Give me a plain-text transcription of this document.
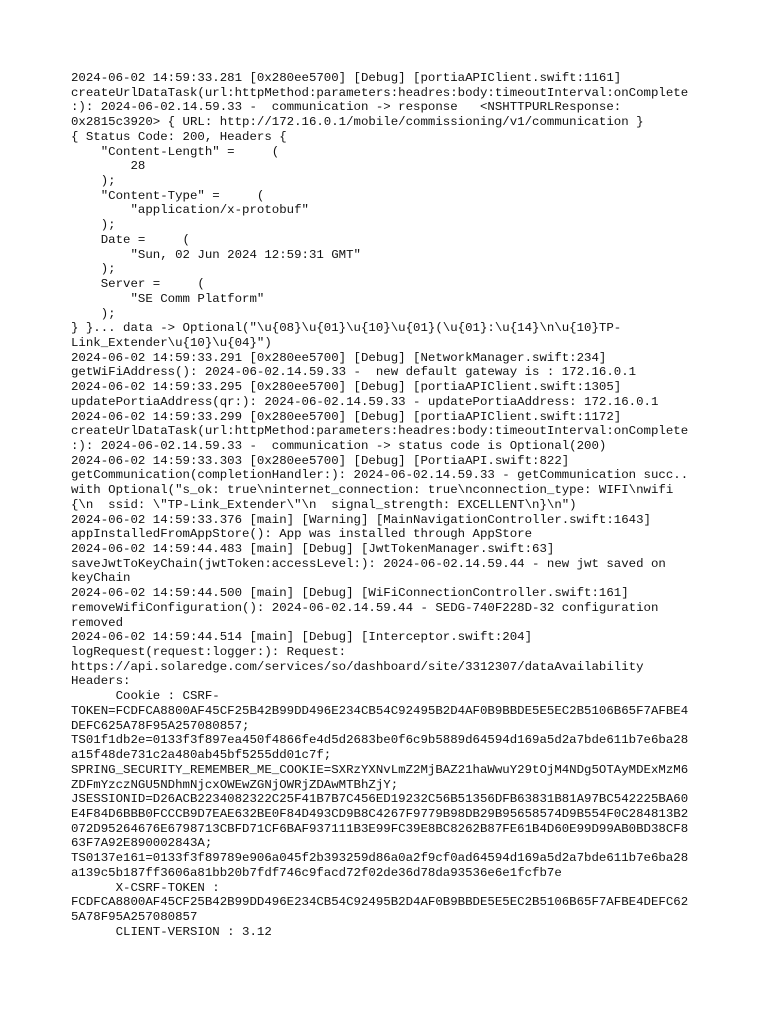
2024-06-02 14:59:33.281 [0x280ee5700] [Debug] [portiaAPIClient.swift:1161]
createUrlDataTask(url:httpMethod:parameters:headres:body:timeoutInterval:onComplete
:): 2024-06-02.14.59.33 -  communication -> response   <NSHTTPURLResponse:
0x2815c3920> { URL: http://172.16.0.1/mobile/commissioning/v1/communication }
{ Status Code: 200, Headers {
"Content-Length" =     (
28
);
"Content-Type" =     (
"application/x-protobuf"
);
Date =     (
"Sun, 02 Jun 2024 12:59:31 GMT"
);
Server =     (
"SE Comm Platform"
);
} }... data -> Optional("\u{08}\u{01}\u{10}\u{01}(\u{01}:\u{14}\n\u{10}TP-
Link_Extender\u{10}\u{04}")
2024-06-02 14:59:33.291 [0x280ee5700] [Debug] [NetworkManager.swift:234]
getWiFiAddress(): 2024-06-02.14.59.33 -  new default gateway is : 172.16.0.1
2024-06-02 14:59:33.295 [0x280ee5700] [Debug] [portiaAPIClient.swift:1305]
updatePortiaAddress(qr:): 2024-06-02.14.59.33 - updatePortiaAddress: 172.16.0.1
2024-06-02 14:59:33.299 [0x280ee5700] [Debug] [portiaAPIClient.swift:1172]
createUrlDataTask(url:httpMethod:parameters:headres:body:timeoutInterval:onComplete
:): 2024-06-02.14.59.33 -  communication -> status code is Optional(200)
2024-06-02 14:59:33.303 [0x280ee5700] [Debug] [PortiaAPI.swift:822]
getCommunication(completionHandler:): 2024-06-02.14.59.33 - getCommunication succ..
with Optional("s_ok: true\ninternet_connection: true\nconnection_type: WIFI\nwifi
{\n  ssid: \"TP-Link_Extender\"\n  signal_strength: EXCELLENT\n}\n")
2024-06-02 14:59:33.376 [main] [Warning] [MainNavigationController.swift:1643]
appInstalledFromAppStore(): App was installed through AppStore
2024-06-02 14:59:44.483 [main] [Debug] [JwtTokenManager.swift:63]
saveJwtToKeyChain(jwtToken:accessLevel:): 2024-06-02.14.59.44 - new jwt saved on
keyChain
2024-06-02 14:59:44.500 [main] [Debug] [WiFiConnectionController.swift:161]
removeWifiConfiguration(): 2024-06-02.14.59.44 - SEDG-740F228D-32 configuration
removed
2024-06-02 14:59:44.514 [main] [Debug] [Interceptor.swift:204]
logRequest(request:logger:): Request:
https://api.solaredge.com/services/so/dashboard/site/3312307/dataAvailability
Headers:
Cookie : CSRF-
TOKEN=FCDFCA8800AF45CF25B42B99DD496E234CB54C92495B2D4AF0B9BBDE5E5EC2B5106B65F7AFBE4
DEFC625A78F95A257080857;
TS01f1db2e=0133f3f897ea450f4866fe4d5d2683be0f6c9b5889d64594d169a5d2a7bde611b7e6ba28
a15f48de731c2a480ab45bf5255dd01c7f;
SPRING_SECURITY_REMEMBER_ME_COOKIE=SXRzYXNvLmZ2MjBAZ21haWwuY29tOjM4NDg5OTAyMDExMzM6
ZDFmYzczNGU5NDhmNjcxOWEwZGNjOWRjZDAwMTBhZjY;
JSESSIONID=D26ACB2234082322C25F41B7B7C456ED19232C56B51356DFB63831B81A97BC542225BA60
E4F84D6BBB0FCCCB9D7EAE632BE0F84D493CD9B8C4267F9779B98DB29B95658574D9B554F0C284813B2
072D95264676E6798713CBFD71CF6BAF937111B3E99FC39E8BC8262B87FE61B4D60E99D99AB0BD38CF8
63F7A92E890002843A;
TS0137e161=0133f3f89789e906a045f2b393259d86a0a2f9cf0ad64594d169a5d2a7bde611b7e6ba28
a139c5b187ff3606a81bb20b7fdf746c9facd72f02de36d78da93536e6e1fcfb7e
X-CSRF-TOKEN :
FCDFCA8800AF45CF25B42B99DD496E234CB54C92495B2D4AF0B9BBDE5E5EC2B5106B65F7AFBE4DEFC62
5A78F95A257080857
CLIENT-VERSION : 3.12
